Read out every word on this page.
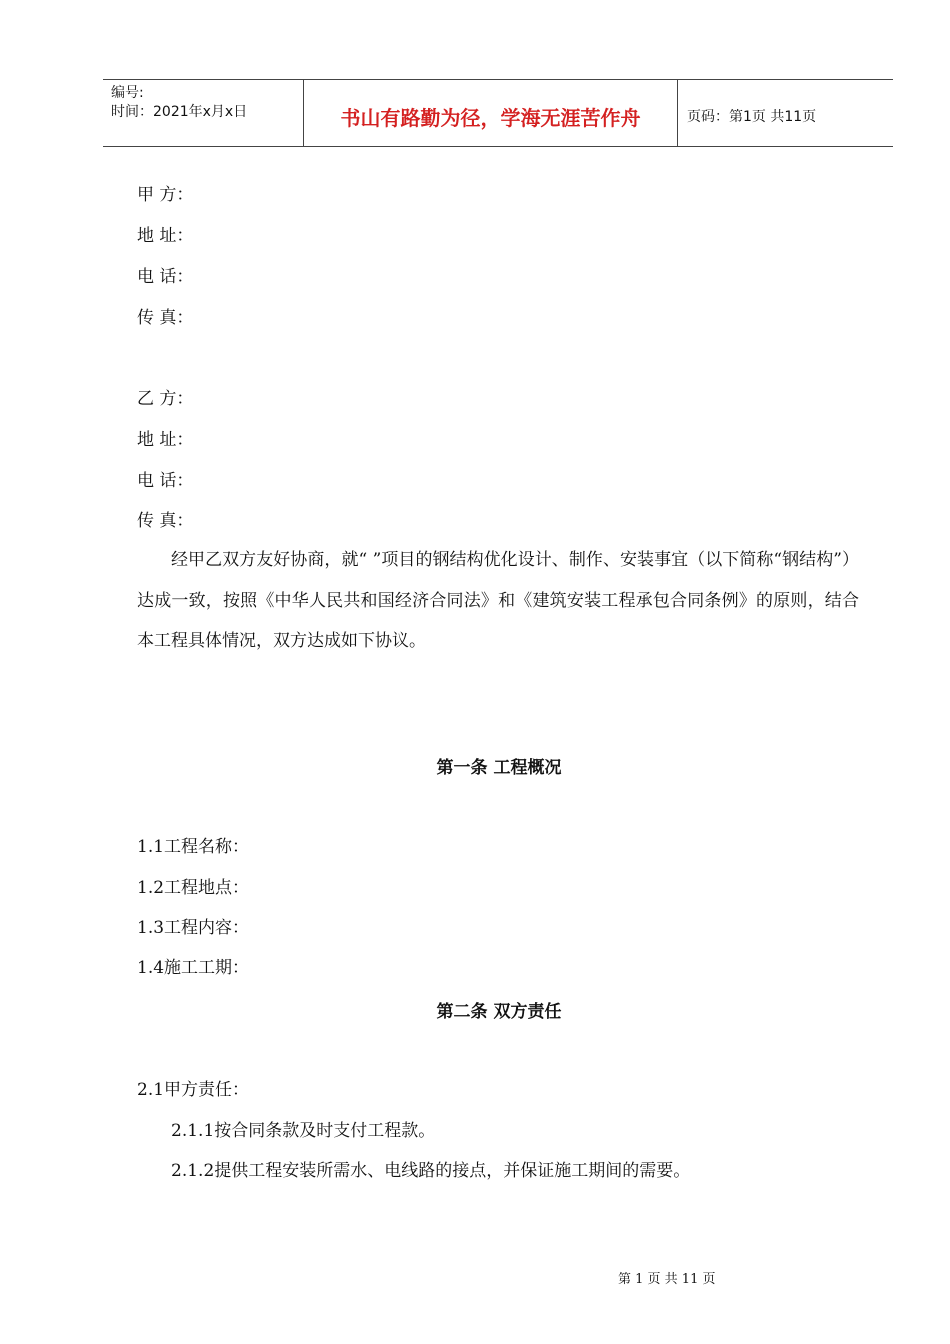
编号:
时间：2021年x月x日	书山有路勤为径，学海无涯苦作舟	页码：第1页 共11页
甲 方：
地 址：
电 话：
传 真：
乙 方：
地 址：
电 话：
传 真：
经甲乙双方友好协商，就“ ”项目的钢结构优化设计、制作、安装事宜（以下简称“钢结构”）达成一致，按照《中华人民共和国经济合同法》和《建筑安装工程承包合同条例》的原则，结合本工程具体情况，双方达成如下协议。
第一条 工程概况
1.1工程名称：
1.2工程地点：
1.3工程内容：
1.4施工工期：
第二条 双方责任
2.1甲方责任：
2.1.1按合同条款及时支付工程款。
2.1.2提供工程安装所需水、电线路的接点，并保证施工期间的需要。
第 1 页 共 11 页
